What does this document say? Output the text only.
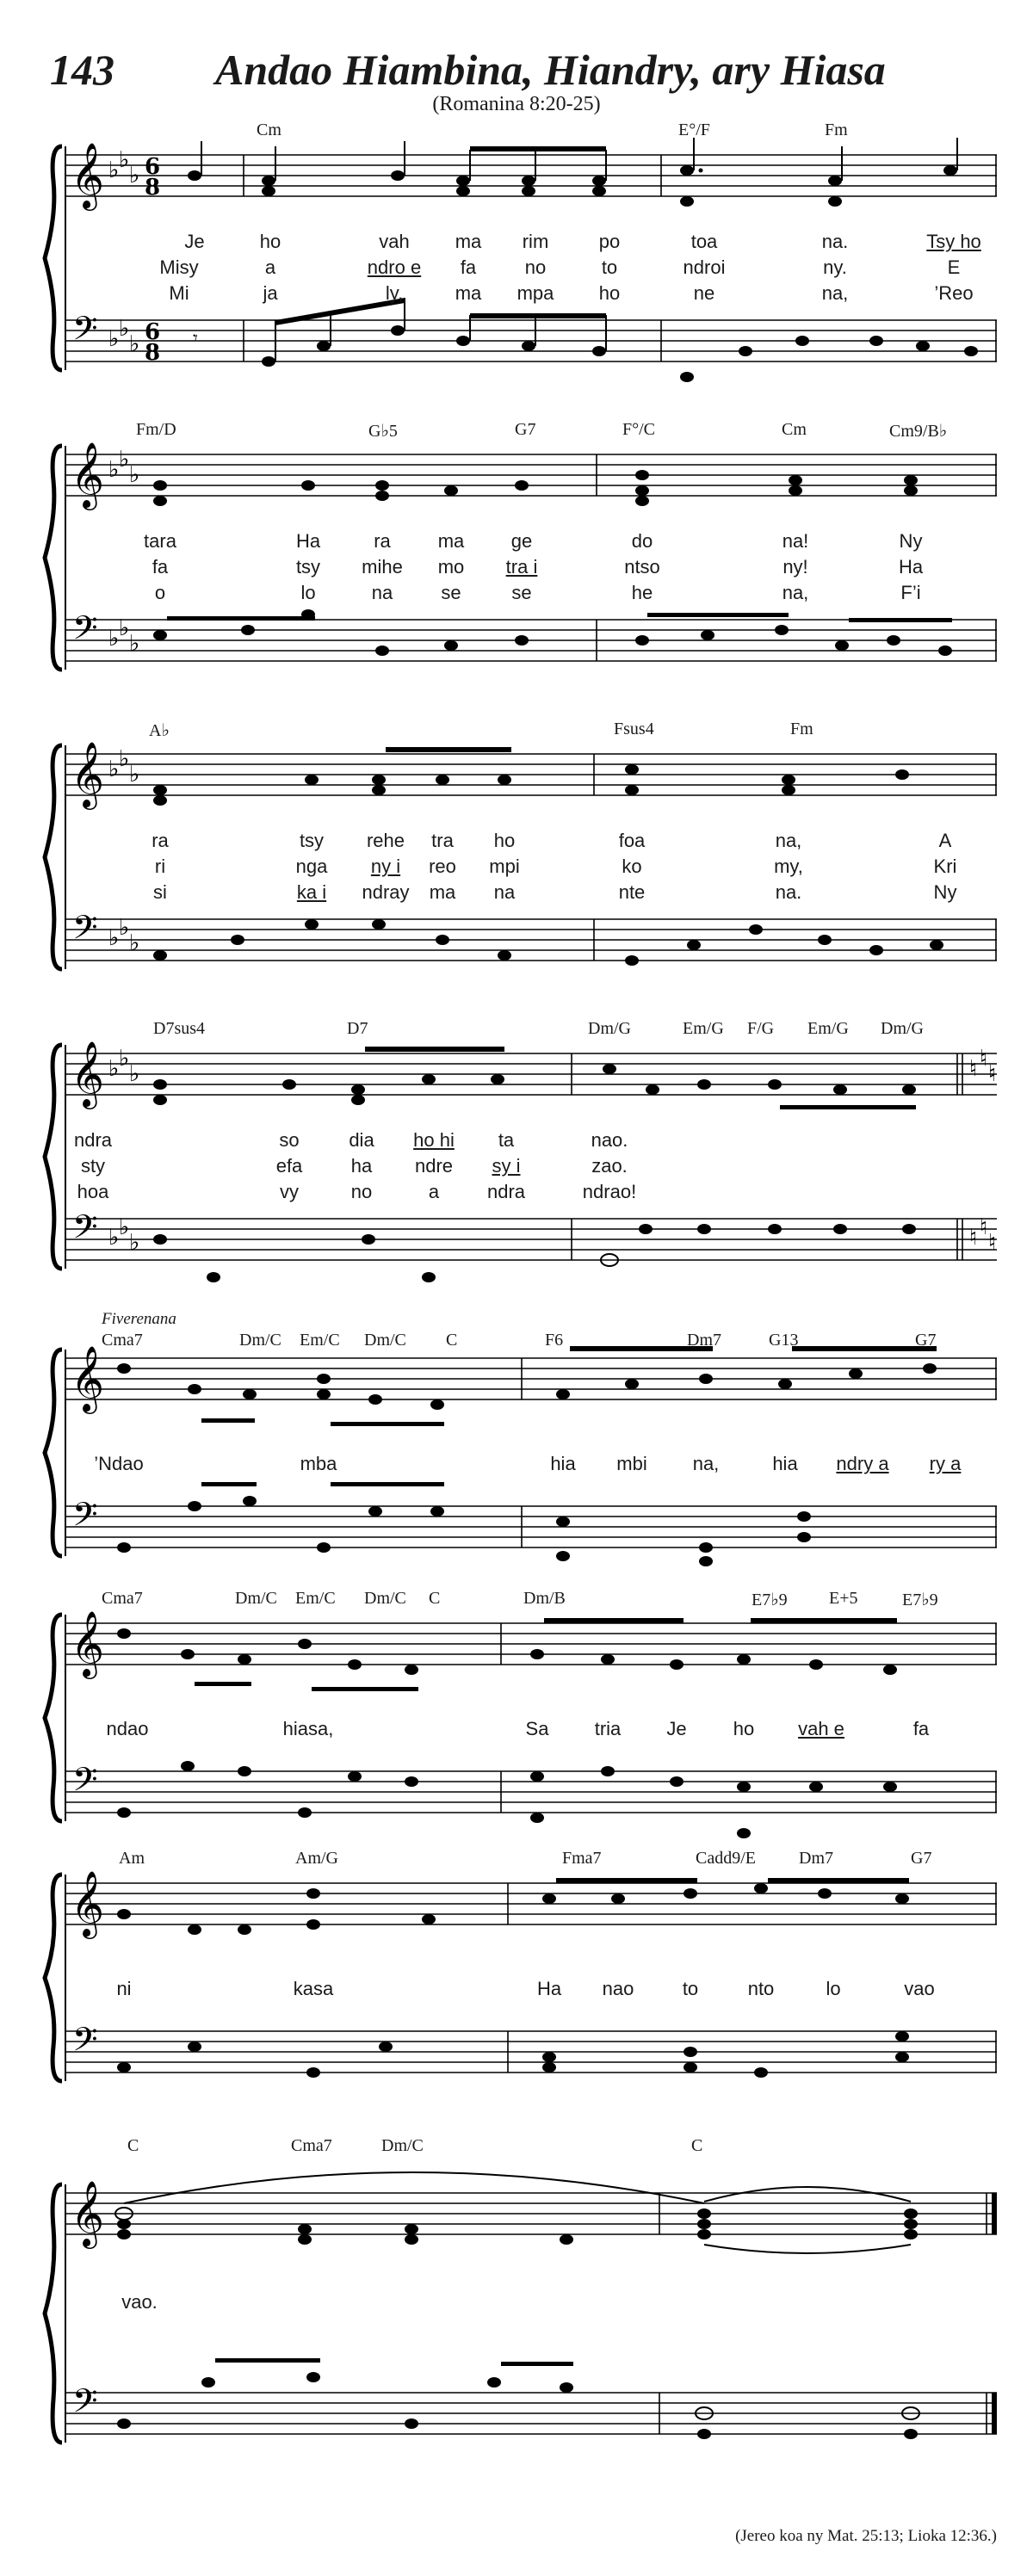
143 Andao Hiambina, Hiandry, ary Hiasa
(Romanina 8:20-25)
𝄞
𝄢
♭ ♭
♭
♭ ♭
♭
6
8
6
8
𝄾
Cm	E°/F	Fm
Je	ho	vah ma rim	po	toa	na.	Tsy ho
Misy	a	ndro e fa	no	to	ndroi	ny.	E
Mi	ja	ly,	ma mpa ho	ne	na,	’Reo
𝄞
𝄢
♭ ♭
♭
♭ ♭
♭
Fm/D	G♭5	G7	F°/C	Cm	Cm9/B♭
tara	Ha	ra ma ge	do	na!	Ny
fa	tsy mihe mo tra i	ntso	ny!	Ha
o	lo	na	se	se	he	na,	F’i
𝄞
𝄢
♭ ♭
♭
♭ ♭
♭
A♭	Fsus4	Fm
ra	tsy rehe tra ho	foa	na,	A
ri	nga ny i reo mpi	ko	my,	Kri
si	ka i ndray ma na	nte	na.	Ny
𝄞
𝄢
♭ ♭
♭
♭ ♭
♭
♮ ♮
♮
♮ ♮
♮
D7sus4	D7	Dm/G	Em/G F/G Em/G Dm/G
ndra	so	dia ho hi ta	nao.
sty	efa	ha ndre sy i	zao.
hoa	vy	no	a	ndra	ndrao!
Fiverenana
𝄞
𝄢
Cma7	Dm/C Em/C Dm/C C	F6	Dm7	G13	G7
’Ndao	mba	hia mbi na,	hia ndry a ry a
𝄞
𝄢
Cma7	Dm/C Em/C Dm/C C	Dm/B	E7♭9 E+5	E7♭9
ndao	hiasa,	Sa tria Je ho vah e	fa
𝄞
𝄢
Am	Am/G	Fma7	Cadd9/E	Dm7	G7
ni	kasa	Ha nao	to	nto	lo	vao
𝄞
𝄢
C	Cma7	Dm/C	C
vao.
(Jereo koa ny Mat. 25:13; Lioka 12:36.)
